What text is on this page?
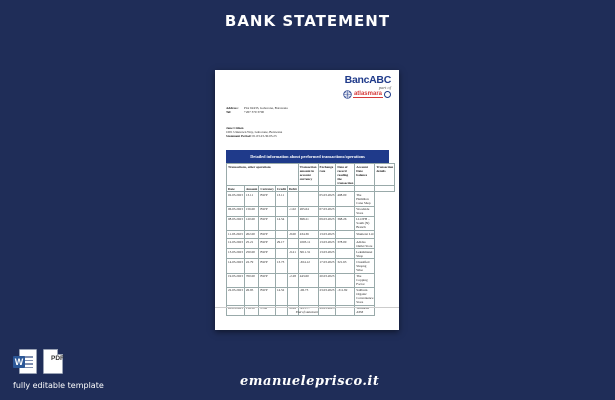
BANK STATEMENT
BancABC
part of
atlasmara
Address: Plot 62433, Gaborone, Botswana
Tel:	+267 370 3700
Jane Citizen
1001 Unknown Way, Gaborone, Botswana
Statement Period: 01.03.23-30.03.23
Detailed information about performed transactions/operations
Transactions, other operations					Transaction amount in account currency	Exchange rate	Date of record reading the transaction	Account Date balance	Transaction details
Date	Amount	Currency	Credit	Debit					
02.03.2023	13.11	BWP	13.11			05.03.2023	408.00	The Hamilton Cane Shop	
06.03.2023	156.00	BWP		-1.02	265.64	07.03.2023		Woodside Store	
08.03.2023	120.00	BWP	14.54		698.21	09.03.2023	368.26	LLOYB – South (N) Branch	
11.03.2023	202.00	BWP		-8.00	434.36	13.03.2023		Shutterst Ltd	
12.03.2023	25.21	BWP	29.17		1003.11	13.03.2023	378.00	Adidas Outlet Store	
13.03.2023	250.00	BWP		-9.21	3011.31	13.03.2023		Lekshmanet Shop	
14.03.2023	22.79	BWP	13.73		-654.12	17.03.2023	321.63	Classified Shopng Wise	
19.03.2023	700.00	BWP		-2.28	443.60	20.03.2023		The Copping Factor	
22.03.2023	26.95	BWP	14.52		-06.73	23.03.2023	-311.82	Saltburn Organic Convenience Store	
28.03.2023	116.50	USD		-6.69	-455.77	29.03.2023		Withdraw ATM	
End of statement
W	PDF
fully editable template	emanueleprisco.it
